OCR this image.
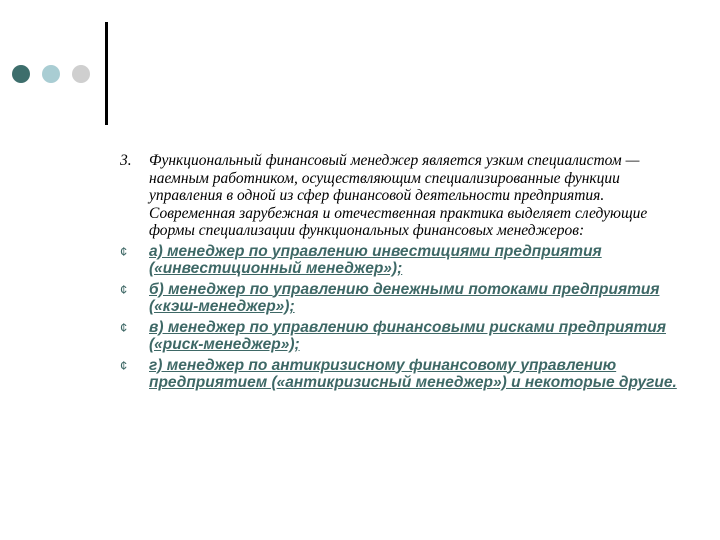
3. Функциональный финансовый менеджер является узким специалистом — наемным работником, осуществляющим специализированные функции управления в одной из сфер финансовой деятельности предприятия. Современная зарубежная и отечественная практика выделяет следующие формы специализации функциональных финансовых менеджеров:

¢ а) менеджер по управлению инвестициями предприятия («инвестиционный менеджер»);
¢ б) менеджер по управлению денежными потоками предприятия («кэш-менеджер»);
¢ в) менеджер по управлению финансовыми рисками предприятия («риск-менеджер»);
¢ г) менеджер по антикризисному финансовому управлению предприятием («антикризисный менеджер») и некоторые другие.
